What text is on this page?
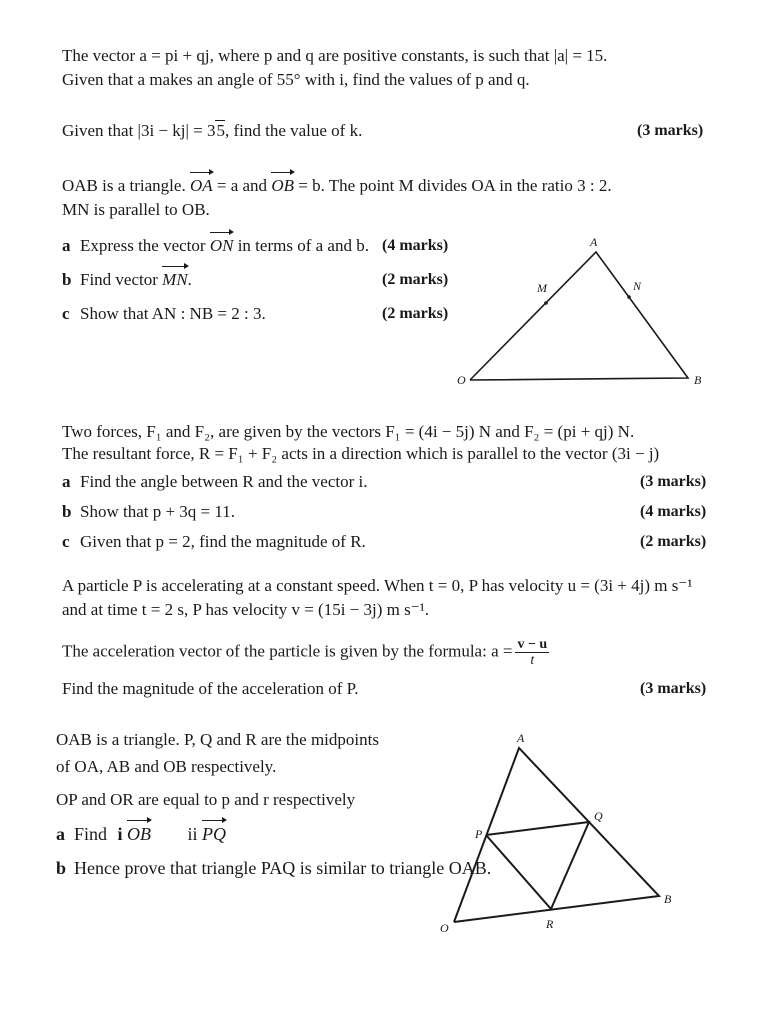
The vector a = pi + qj, where p and q are positive constants, is such that |a| = 15.
Given that a makes an angle of 55° with i, find the values of p and q.
Given that |3i − kj| = 35, find the value of k.	(3 marks)
OAB is a triangle. OA = a and OB = b. The point M divides OA in the ratio 3 : 2.
MN is parallel to OB.
a Express the vector ON in terms of a and b. (4 marks)
b Find vector MN.	(2 marks)
c Show that AN : NB = 2 : 3.	(2 marks)
A
M	N
O	B
Two forces, F₁ and F₂, are given by the vectors F₁ = (4i − 5j) N and F₂ = (pi + qj) N.
The resultant force, R = F₁ + F₂ acts in a direction which is parallel to the vector (3i − j)
a Find the angle between R and the vector i.	(3 marks)
b Show that p + 3q = 11.	(4 marks)
c Given that p = 2, find the magnitude of R.	(2 marks)
A particle P is accelerating at a constant speed. When t = 0, P has velocity u = (3i + 4j) m s⁻¹
and at time t = 2 s, P has velocity v = (15i − 3j) m s⁻¹.
The acceleration vector of the particle is given by the formula: $a = \frac{v - u}{t}$
Find the magnitude of the acceleration of P.	(3 marks)
OAB is a triangle. P, Q and R are the midpoints
of OA, AB and OB respectively.
OP and OR are equal to p and r respectively
a Find i OB ii PQ
b Hence prove that triangle PAQ is similar to triangle OAB.
A
P
Q
O	R
B
